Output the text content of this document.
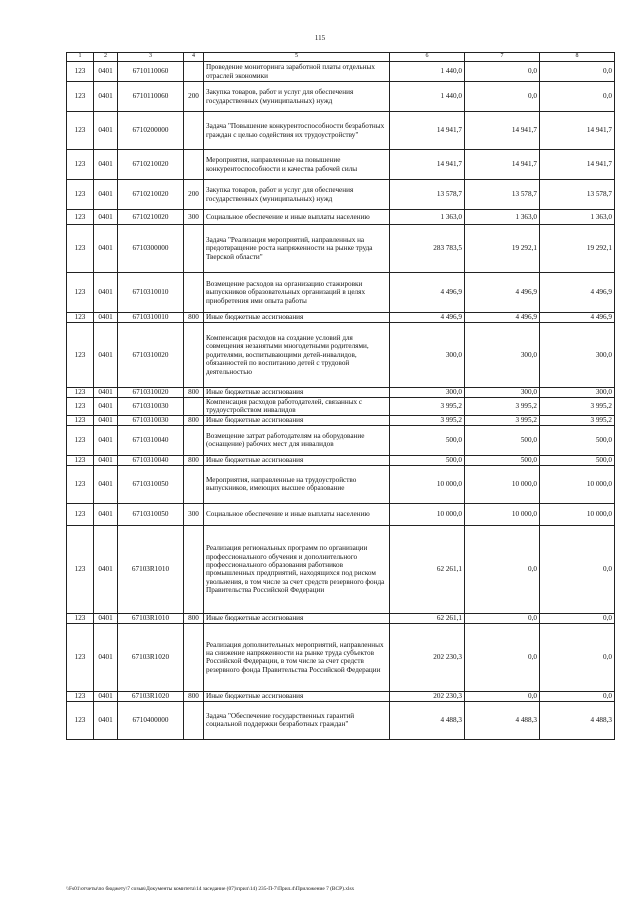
115
1	2	3	4	5	6	7	8
123	0401	6710110060		Проведение мониторинга заработной платы отдельных отраслей экономики	1 440,0	0,0	0,0
123	0401	6710110060	200	Закупка товаров, работ и услуг для обеспечения государственных (муниципальных) нужд	1 440,0	0,0	0,0
123	0401	6710200000		Задача "Повышение конкурентоспособности безработных граждан с целью содействия их трудоустройству"	14 941,7	14 941,7	14 941,7
123	0401	6710210020		Мероприятия, направленные на повышение конкурентоспособности и качества рабочей силы	14 941,7	14 941,7	14 941,7
123	0401	6710210020	200	Закупка товаров, работ и услуг для обеспечения государственных (муниципальных) нужд	13 578,7	13 578,7	13 578,7
123	0401	6710210020	300	Социальное обеспечение и иные выплаты населению	1 363,0	1 363,0	1 363,0
123	0401	6710300000		Задача "Реализация мероприятий, направленных на предотвращение роста напряженности на рынке труда Тверской области"	283 783,5	19 292,1	19 292,1
123	0401	6710310010		Возмещение расходов на организацию стажировки выпускников образовательных организаций в целях приобретения ими опыта работы	4 496,9	4 496,9	4 496,9
123	0401	6710310010	800	Иные бюджетные ассигнования	4 496,9	4 496,9	4 496,9
123	0401	6710310020		Компенсация расходов на создание условий для совмещения незанятыми многодетными родителями, родителями, воспитывающими детей-инвалидов, обязанностей по воспитанию детей с трудовой деятельностью	300,0	300,0	300,0
123	0401	6710310020	800	Иные бюджетные ассигнования	300,0	300,0	300,0
123	0401	6710310030		Компенсация расходов работодателей, связанных с трудоустройством инвалидов	3 995,2	3 995,2	3 995,2
123	0401	6710310030	800	Иные бюджетные ассигнования	3 995,2	3 995,2	3 995,2
123	0401	6710310040		Возмещение затрат работодателям на оборудование (оснащение) рабочих мест для инвалидов	500,0	500,0	500,0
123	0401	6710310040	800	Иные бюджетные ассигнования	500,0	500,0	500,0
123	0401	6710310050		Мероприятия, направленные на трудоустройство выпускников, имеющих высшее образование	10 000,0	10 000,0	10 000,0
123	0401	6710310050	300	Социальное обеспечение и иные выплаты населению	10 000,0	10 000,0	10 000,0
123	0401	67103R1010		Реализация региональных программ по организации профессионального обучения и дополнительного профессионального образования работников промышленных предприятий, находящихся под риском увольнения, в том числе за счет средств резервного фонда Правительства Российской Федерации	62 261,1	0,0	0,0
123	0401	67103R1010	800	Иные бюджетные ассигнования	62 261,1	0,0	0,0
123	0401	67103R1020		Реализация дополнительных мероприятий, направленных на снижение напряженности на рынке труда субъектов Российской Федерации, в том числе за счет средств резервного фонда Правительства Российской Федерации	202 230,3	0,0	0,0
123	0401	67103R1020	800	Иные бюджетные ассигнования	202 230,3	0,0	0,0
123	0401	6710400000		Задача "Обеспечение государственных гарантий социальной поддержки безработных граждан"	4 488,3	4 488,3	4 488,3
\\Fs01\отчеты\по бюджету\7 созыв\Документы комитета\14 заседание (07)\прил\14) 235-П-7\Прил.4\Приложение 7 (ВСР).xlsx
